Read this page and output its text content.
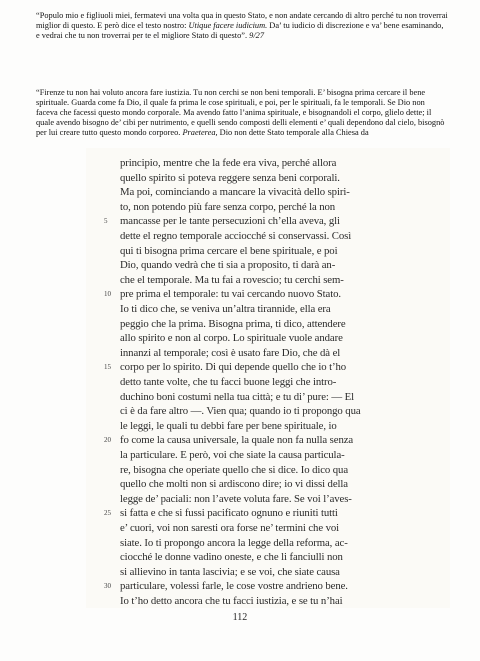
“Populo mio e figliuoli miei, fermatevi una volta qua in questo Stato, e non andate cercando di altro perché tu non troverrai miglior di questo. E però dice el testo nostro: Utique facere iudicium. Da’ tu iudicio di discrezione e va’ bene esaminando, e vedrai che tu non troverrai per te el migliore Stato di questo”. 9/27

“Firenze tu non hai voluto ancora fare iustizia. Tu non cerchi se non beni temporali. E’ bisogna prima cercare il bene spirituale. Guarda come fa Dio, il quale fa prima le cose spirituali, e poi, per le spirituali, fa le temporali. Se Dio non faceva che facessi questo mondo corporale. Ma avendo fatto l’anima spirituale, e bisognandoli el corpo, glielo dette; il quale avendo bisogno de’ cibi per nutrimento, e quelli sendo composti delli elementi e’ quali dependono dal cielo, bisognò per lui creare tutto questo mondo corporeo. Praeterea, Dio non dette Stato temporale alla Chiesa da

principio, mentre che la fede era viva, perché allora
quello spirito si poteva reggere senza beni corporali.
Ma poi, cominciando a mancare la vivacità dello spiri-
to, non potendo più fare senza corpo, perché la non
mancasse per le tante persecuzioni ch’ella aveva, gli
5
dette el regno temporale acciocché si conservassi. Così
qui ti bisogna prima cercare el bene spirituale, e poi
Dio, quando vedrà che ti sia a proposito, ti darà an-
che el temporale. Ma tu fai a rovescio; tu cerchi sem-
pre prima el temporale: tu vai cercando nuovo Stato.
10
Io ti dico che, se veniva un’altra tirannide, ella era
peggio che la prima. Bisogna prima, ti dico, attendere
allo spirito e non al corpo. Lo spirituale vuole andare
innanzi al temporale; così è usato fare Dio, che dà el
corpo per lo spirito. Di qui depende quello che io t’ho
15
detto tante volte, che tu facci buone leggi che intro-
duchino boni costumi nella tua città; e tu di’ pure: — El
ci è da fare altro —. Vien qua; quando io ti propongo qua
le leggi, le quali tu debbi fare per bene spirituale, io
fo come la causa universale, la quale non fa nulla senza
20
la particulare. E però, voi che siate la causa particula-
re, bisogna che operiate quello che si dice. Io dico qua
quello che molti non si ardiscono dire; io vi dissi della
legge de’ paciali: non l’avete voluta fare. Se voi l’aves-
si fatta e che si fussi pacificato ognuno e riuniti tutti
25
e’ cuori, voi non saresti ora forse ne’ termini che voi
siate. Io ti propongo ancora la legge della reforma, ac-
ciocché le donne vadino oneste, e che li fanciulli non
si allievino in tanta lascivia; e se voi, che siate causa
particulare, volessi farle, le cose vostre andrieno bene.
30
Io t’ho detto ancora che tu facci iustizia, e se tu n’hai
112
